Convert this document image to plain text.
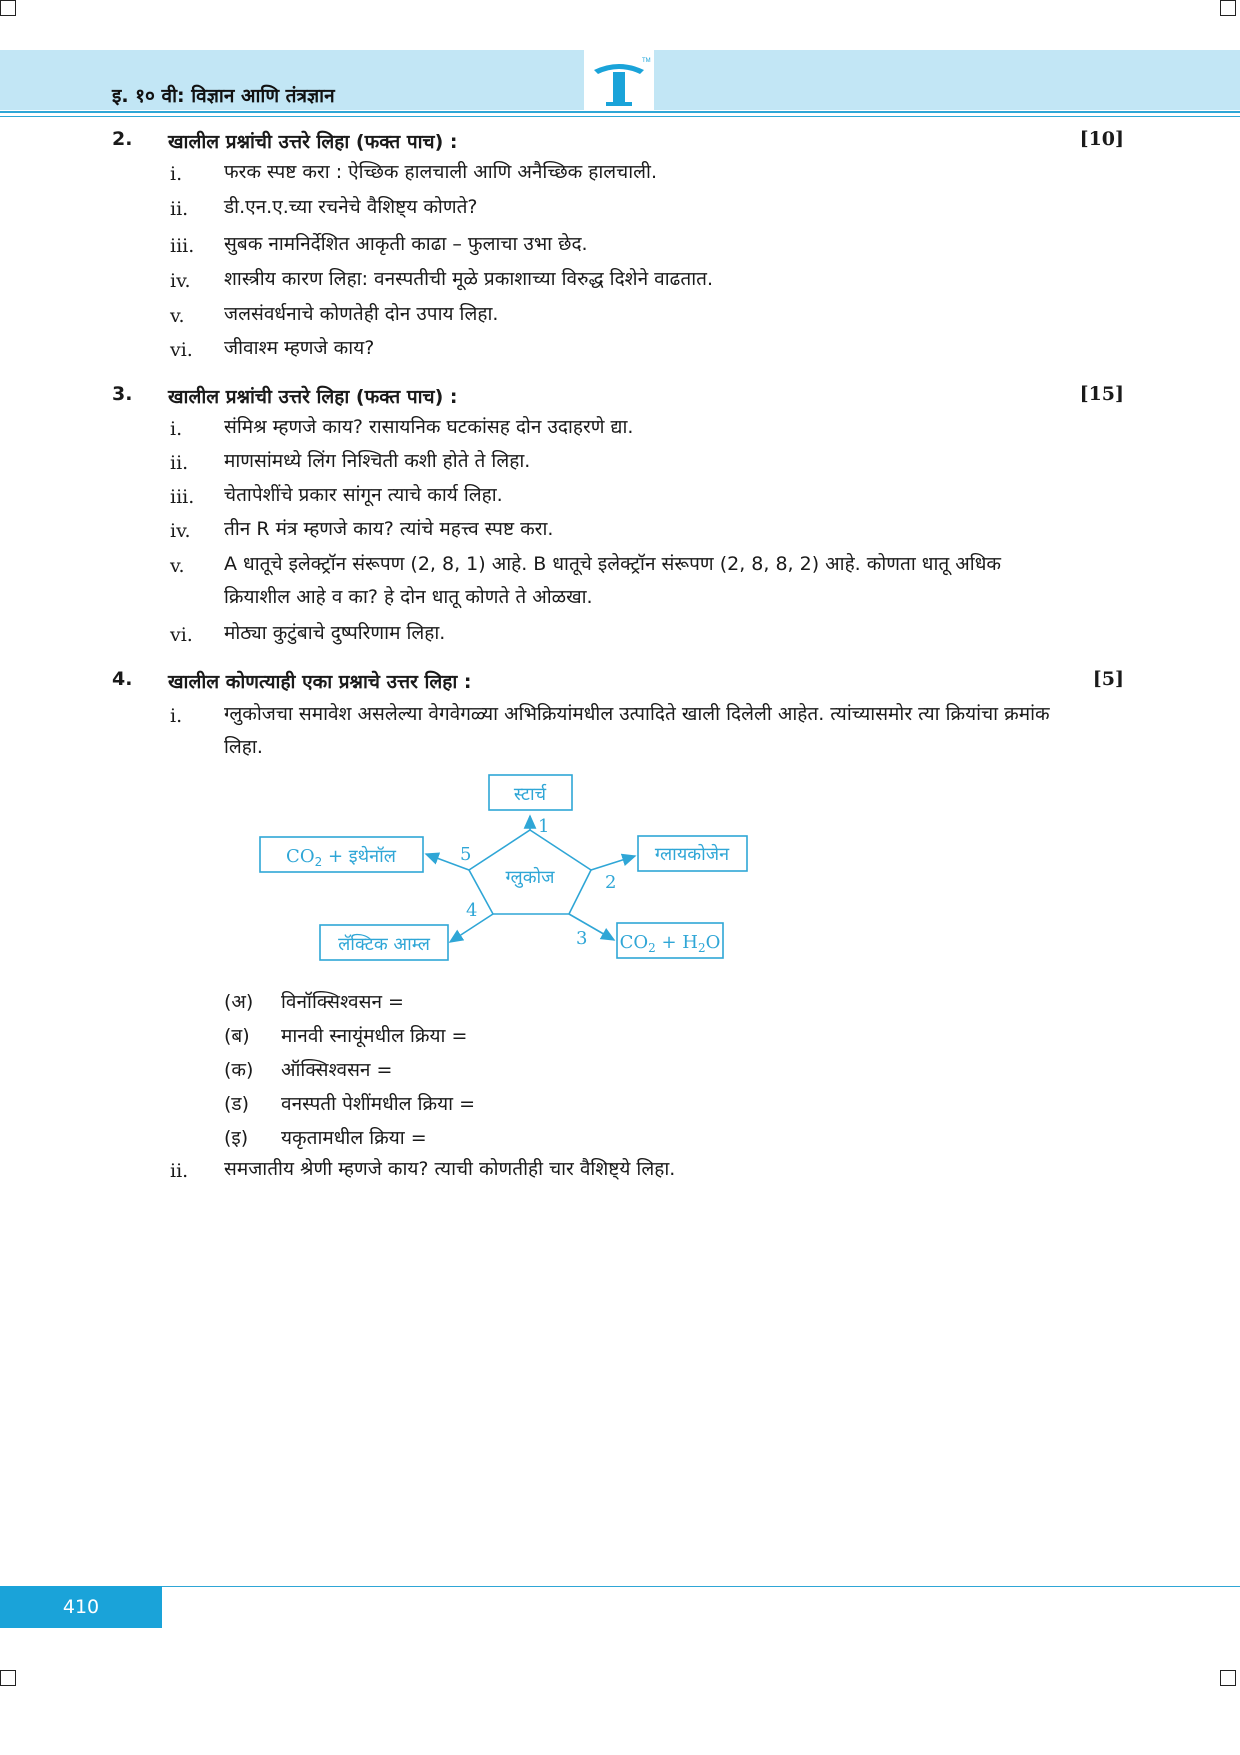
इ. १० वी: विज्ञान आणि तंत्रज्ञान
TM
2. खालील प्रश्नांची उत्तरे लिहा (फक्त पाच) :	[10]
i. फरक स्पष्ट करा : ऐच्छिक हालचाली आणि अनैच्छिक हालचाली.
ii. डी.एन.ए.च्या रचनेचे वैशिष्ट्य कोणते?
iii. सुबक नामनिर्देशित आकृती काढा – फुलाचा उभा छेद.
iv. शास्त्रीय कारण लिहा: वनस्पतीची मूळे प्रकाशाच्या विरुद्ध दिशेने वाढतात.
v. जलसंवर्धनाचे कोणतेही दोन उपाय लिहा.
vi. जीवाश्म म्हणजे काय?
3. खालील प्रश्नांची उत्तरे लिहा (फक्त पाच) :	[15]
i. संमिश्र म्हणजे काय? रासायनिक घटकांसह दोन उदाहरणे द्या.
ii. माणसांमध्ये लिंग निश्चिती कशी होते ते लिहा.
iii. चेतापेशींचे प्रकार सांगून त्याचे कार्य लिहा.
iv. तीन R मंत्र म्हणजे काय? त्यांचे महत्त्व स्पष्ट करा.
v. A धातूचे इलेक्ट्रॉन संरूपण (2, 8, 1) आहे. B धातूचे इलेक्ट्रॉन संरूपण (2, 8, 8, 2) आहे. कोणता धातू अधिक क्रियाशील आहे व का? हे दोन धातू कोणते ते ओळखा.
vi. मोठ्या कुटुंबाचे दुष्परिणाम लिहा.
4. खालील कोणत्याही एका प्रश्नाचे उत्तर लिहा :	[5]
i. ग्लुकोजचा समावेश असलेल्या वेगवेगळ्या अभिक्रियांमधील उत्पादिते खाली दिलेली आहेत. त्यांच्यासमोर त्या क्रियांचा क्रमांक लिहा.
ग्लुकोज
स्टार्च
ग्लायकोजेन
लॅक्टिक आम्ल	$CO_2 + H_2O$
$CO_2$ + इथेनॉल
1
2
3
4
5
(अ) विनॉक्सिश्वसन =
(ब) मानवी स्नायूंमधील क्रिया =
(क) ऑक्सिश्वसन =
(ड) वनस्पती पेशींमधील क्रिया =
(इ) यकृतामधील क्रिया =
ii. समजातीय श्रेणी म्हणजे काय? त्याची कोणतीही चार वैशिष्ट्ये लिहा.
410
